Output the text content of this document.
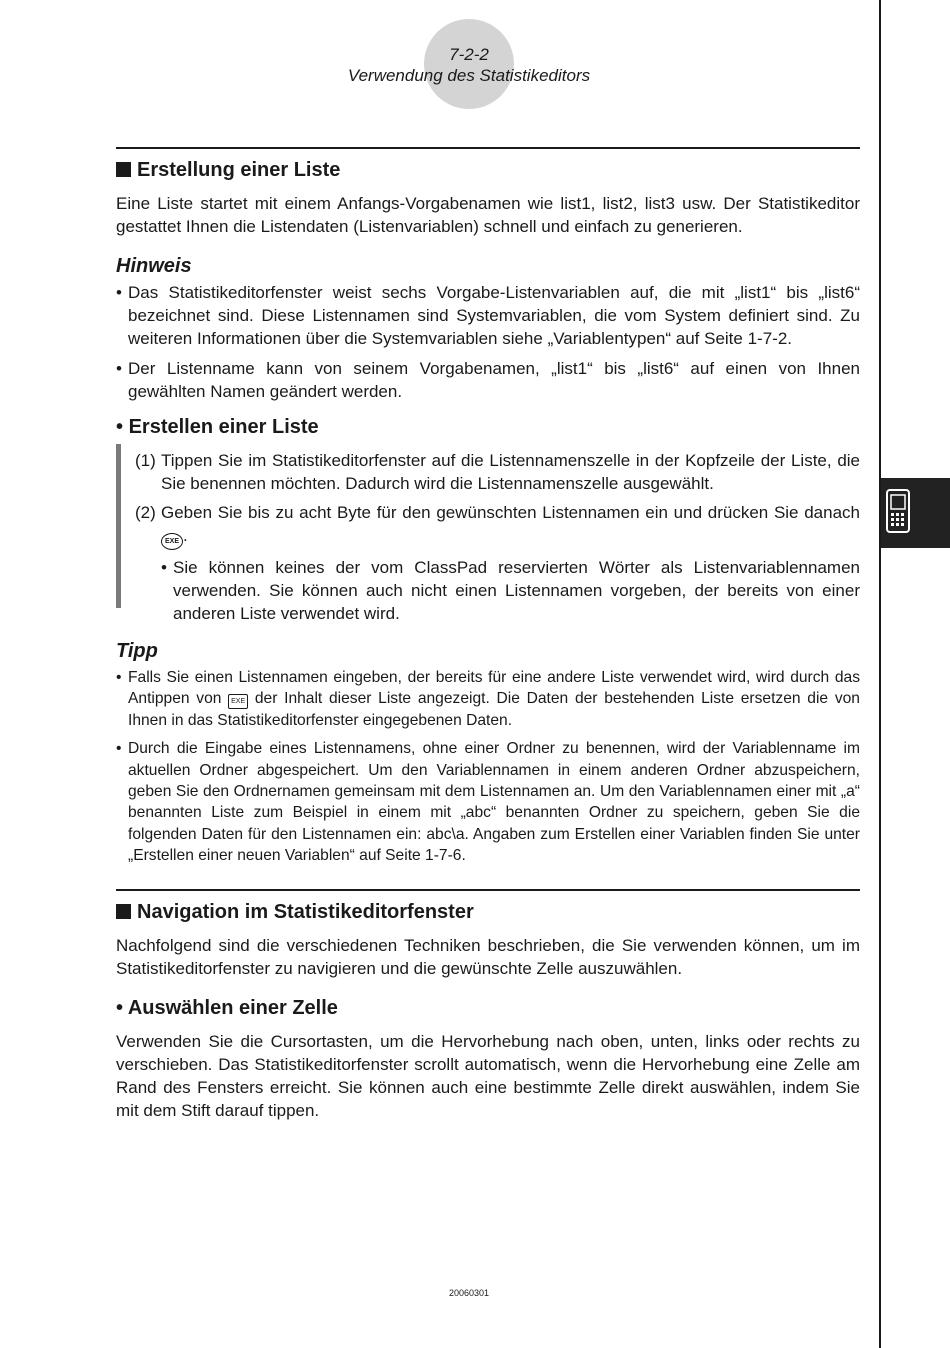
7-2-2
Verwendung des Statistikeditors

Erstellung einer Liste

Eine Liste startet mit einem Anfangs-Vorgabenamen wie list1, list2, list3 usw. Der Statistikeditor gestattet Ihnen die Listendaten (Listenvariablen) schnell und einfach zu generieren.

Hinweis

• Das Statistikeditorfenster weist sechs Vorgabe-Listenvariablen auf, die mit „list1“ bis „list6“ bezeichnet sind. Diese Listennamen sind Systemvariablen, die vom System definiert sind. Zu weiteren Informationen über die Systemvariablen siehe „Variablentypen“ auf Seite 1-7-2.
• Der Listenname kann von seinem Vorgabenamen, „list1“ bis „list6“ auf einen von Ihnen gewählten Namen geändert werden.

• Erstellen einer Liste

(1) Tippen Sie im Statistikeditorfenster auf die Listennamenszelle in der Kopfzeile der Liste, die Sie benennen möchten. Dadurch wird die Listennamenszelle ausgewählt.
(2) Geben Sie bis zu acht Byte für den gewünschten Listennamen ein und drücken Sie danach EXE .
• Sie können keines der vom ClassPad reservierten Wörter als Listenvariablennamen verwenden. Sie können auch nicht einen Listennamen vorgeben, der bereits von einer anderen Liste verwendet wird.

Tipp

• Falls Sie einen Listennamen eingeben, der bereits für eine andere Liste verwendet wird, wird durch das Antippen von EXE der Inhalt dieser Liste angezeigt. Die Daten der bestehenden Liste ersetzen die von Ihnen in das Statistikeditorfenster eingegebenen Daten.
• Durch die Eingabe eines Listennamens, ohne einer Ordner zu benennen, wird der Variablenname im aktuellen Ordner abgespeichert. Um den Variablennamen in einem anderen Ordner abzuspeichern, geben Sie den Ordnernamen gemeinsam mit dem Listennamen an. Um den Variablennamen einer mit „a“ benannten Liste zum Beispiel in einem mit „abc“ benannten Ordner zu speichern, geben Sie die folgenden Daten für den Listennamen ein: abc\a. Angaben zum Erstellen einer Variablen finden Sie unter „Erstellen einer neuen Variablen“ auf Seite 1-7-6.

Navigation im Statistikeditorfenster

Nachfolgend sind die verschiedenen Techniken beschrieben, die Sie verwenden können, um im Statistikeditorfenster zu navigieren und die gewünschte Zelle auszuwählen.

• Auswählen einer Zelle

Verwenden Sie die Cursortasten, um die Hervorhebung nach oben, unten, links oder rechts zu verschieben. Das Statistikeditorfenster scrollt automatisch, wenn die Hervorhebung eine Zelle am Rand des Fensters erreicht. Sie können auch eine bestimmte Zelle direkt auswählen, indem Sie mit dem Stift darauf tippen.

20060301
